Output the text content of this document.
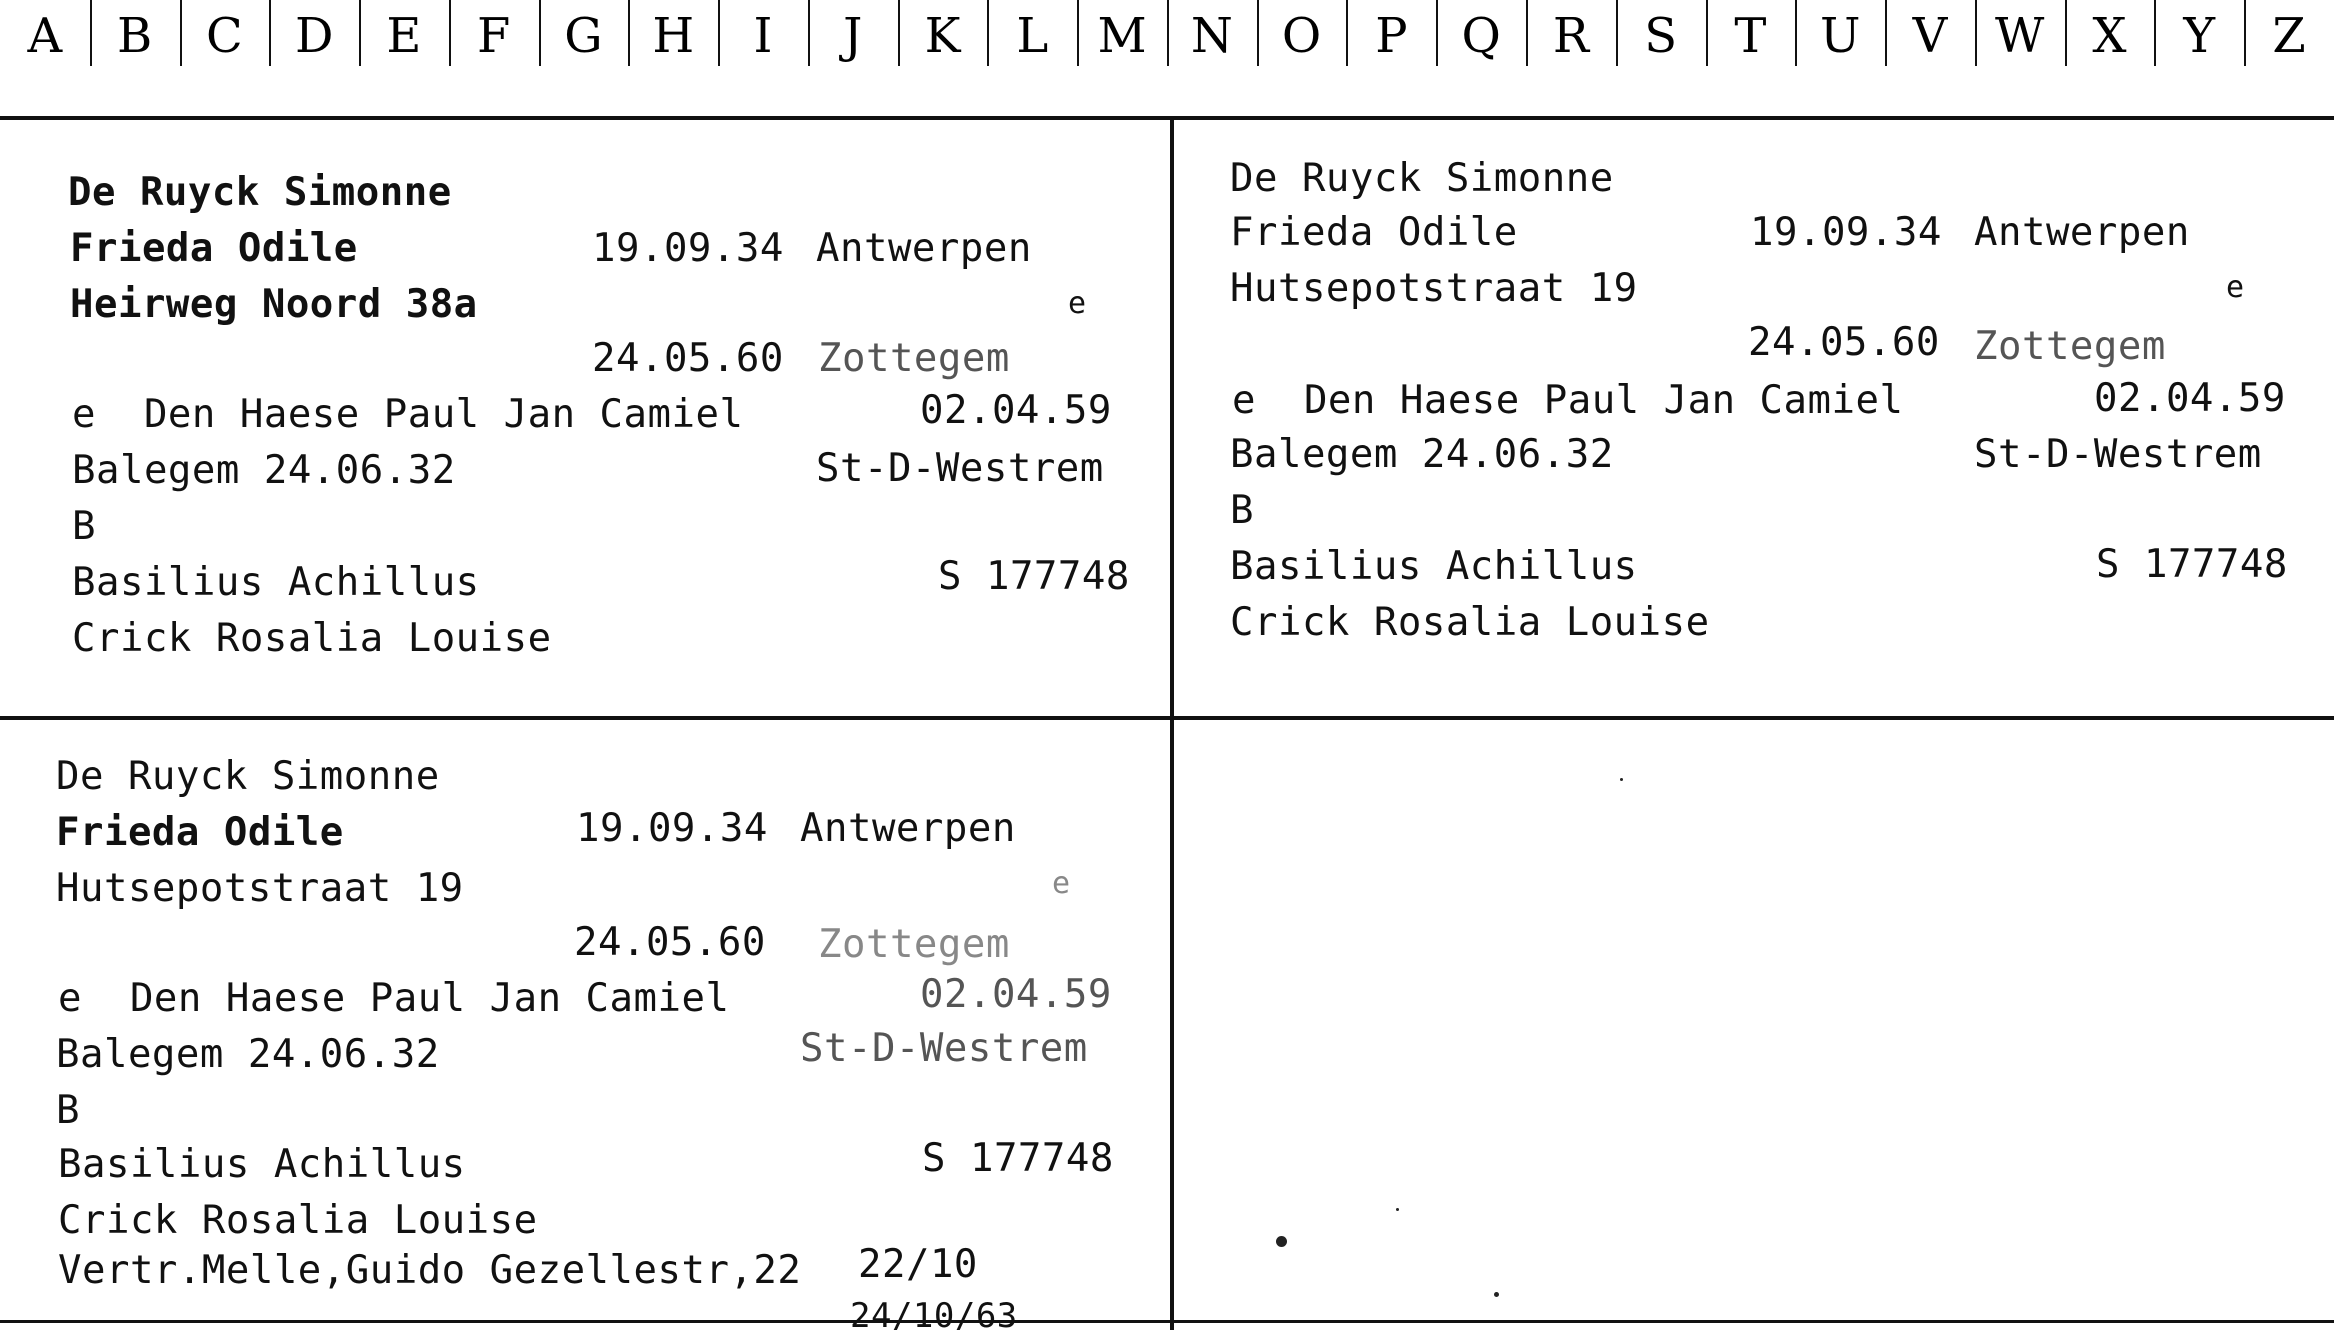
A	B	C	D	E	F	G	H	I	J	K	L	M N	O	P	Q	R	S	T	U	V W	X	Y	Z
De Ruyck Simonne
Frieda Odile	19.09.34 Antwerpen
Heirweg Noord 38a	e
24.05.60 Zottegem
e  Den Haese Paul Jan Camiel	02.04.59
Balegem 24.06.32	St-D-Westrem
B
Basilius Achillus	S 177748
Crick Rosalia Louise
De Ruyck Simonne
Frieda Odile	19.09.34 Antwerpen
Hutsepotstraat 19	e
24.05.60 Zottegem
e  Den Haese Paul Jan Camiel	02.04.59
Balegem 24.06.32	St-D-Westrem
B
Basilius Achillus	S 177748
Crick Rosalia Louise
De Ruyck Simonne
Frieda Odile	19.09.34 Antwerpen
Hutsepotstraat 19	e
24.05.60 Zottegem
e  Den Haese Paul Jan Camiel	02.04.59
Balegem 24.06.32	St-D-Westrem
B
Basilius Achillus	S 177748
Crick Rosalia Louise
Vertr.Melle,Guido Gezellestr,22 22/10
24/10/63
